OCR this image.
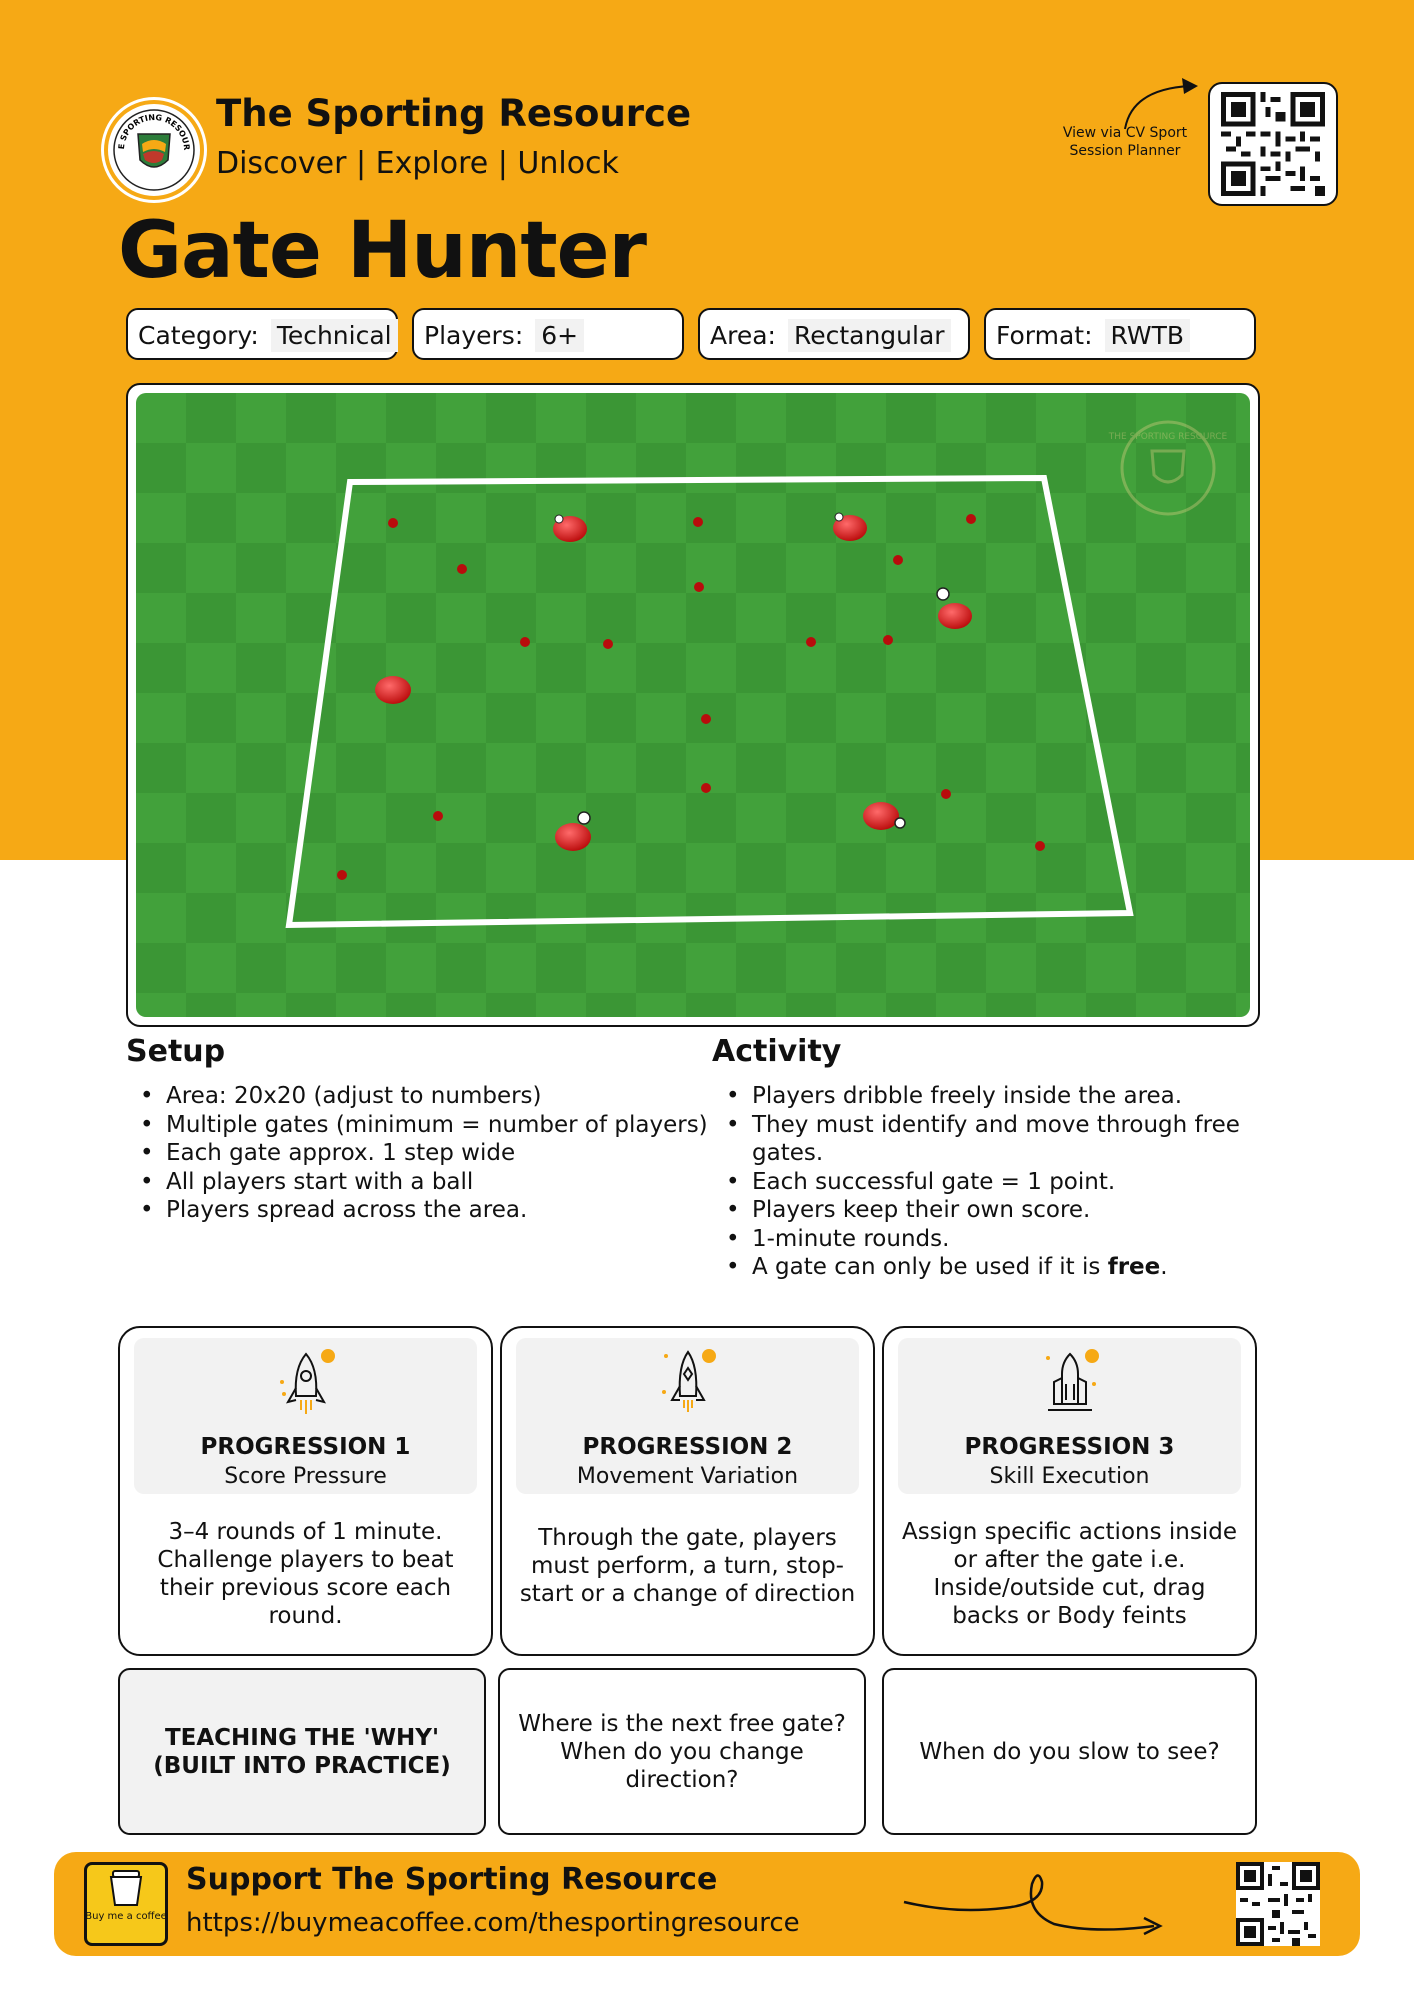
E SPORTING RESOUR
The Sporting Resource
Discover | Explore | Unlock
Gate Hunter
View via CV Sport Session Planner
Category: Technical	Players: 6+	Area: Rectangular	Format: RWTB
THE SPORTING RESOURCE
Setup
• Area: 20x20 (adjust to numbers)
• Multiple gates (minimum = number of players)
• Each gate approx. 1 step wide
• All players start with a ball
• Players spread across the area.
Activity
• Players dribble freely inside the area.
• They must identify and move through free gates.
• Each successful gate = 1 point.
• Players keep their own score.
• 1-minute rounds.
• A gate can only be used if it is free.
PROGRESSION 1
Score Pressure
3–4 rounds of 1 minute. Challenge players to beat their previous score each round.
PROGRESSION 2
Movement Variation
Through the gate, players must perform, a turn, stop-start or a change of direction
PROGRESSION 3
Skill Execution
Assign specific actions inside or after the gate i.e. Inside/outside cut, drag backs or Body feints
TEACHING THE 'WHY' (BUILT INTO PRACTICE)
Where is the next free gate? When do you change direction?
When do you slow to see?
Buy me a coffee
Support The Sporting Resource
https://buymeacoffee.com/thesportingresource
